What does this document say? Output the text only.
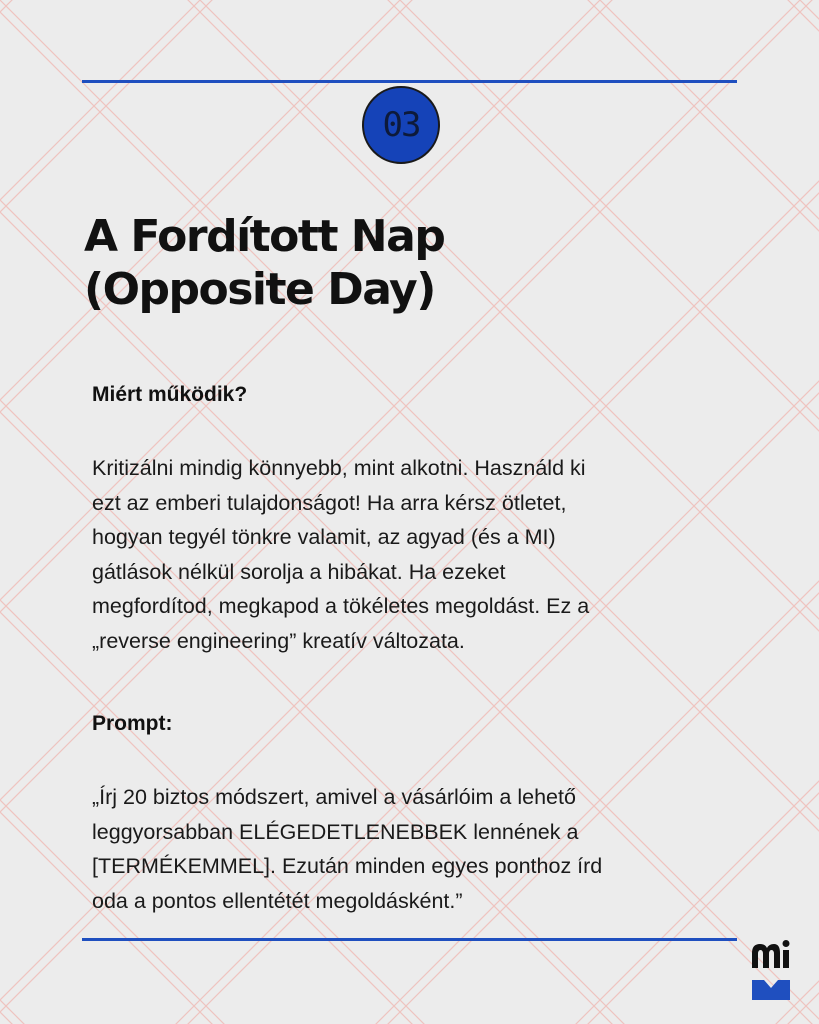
03
A Fordított Nap
(Opposite Day)
Miért működik?

Kritizálni mindig könnyebb, mint alkotni. Használd ki
ezt az emberi tulajdonságot! Ha arra kérsz ötletet,
hogyan tegyél tönkre valamit, az agyad (és a MI)
gátlások nélkül sorolja a hibákat. Ha ezeket
megfordítod, megkapod a tökéletes megoldást. Ez a
„reverse engineering” kreatív változata.

Prompt:

„Írj 20 biztos módszert, amivel a vásárlóim a lehető
leggyorsabban ELÉGEDETLENEBBEK lennének a
[TERMÉKEMMEL]. Ezután minden egyes ponthoz írd
oda a pontos ellentétét megoldásként.”
